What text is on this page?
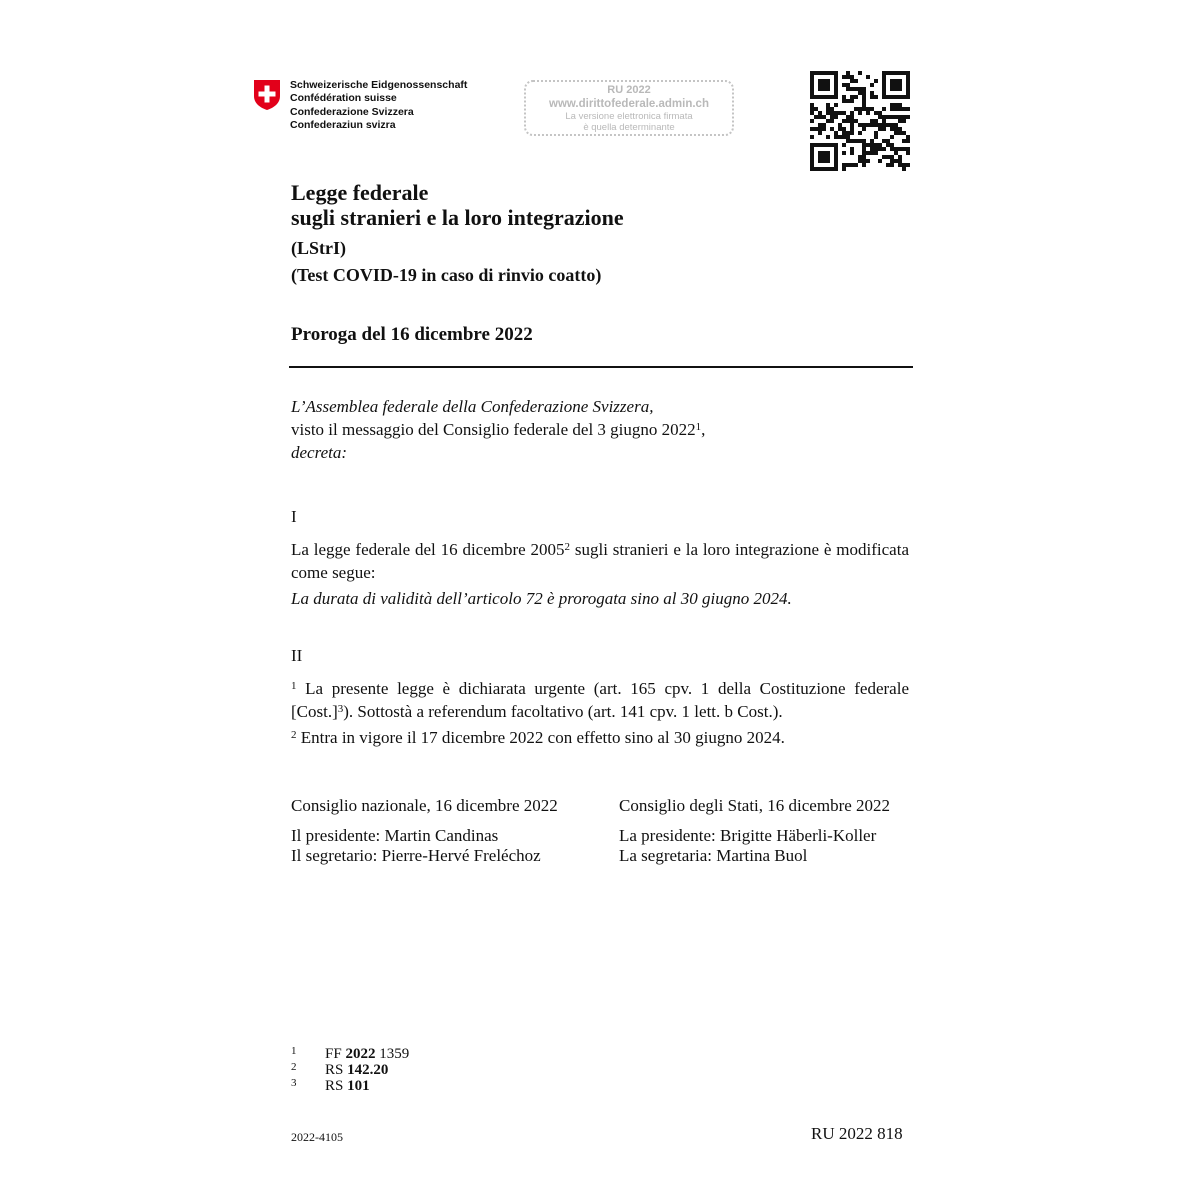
Schweizerische Eidgenossenschaft
Confédération suisse
Confederazione Svizzera
Confederaziun svizra
RU 2022
www.dirittofederale.admin.ch
La versione elettronica firmata
è quella determinante
Legge federale
sugli stranieri e la loro integrazione
(LStrI)
(Test COVID-19 in caso di rinvio coatto)
Proroga del 16 dicembre 2022
L’Assemblea federale della Confederazione Svizzera,
visto il messaggio del Consiglio federale del 3 giugno 2022$^1$,
decreta:
I
La legge federale del 16 dicembre 2005$^2$ sugli stranieri e la loro integrazione è modificata come segue:
La durata di validità dell’articolo 72 è prorogata sino al 30 giugno 2024.
II
$^1$ La presente legge è dichiarata urgente (art. 165 cpv. 1 della Costituzione federale [Cost.]$^3$). Sottostà a referendum facoltativo (art. 141 cpv. 1 lett. b Cost.).
$^2$ Entra in vigore il 17 dicembre 2022 con effetto sino al 30 giugno 2024.
Consiglio nazionale, 16 dicembre 2022
Il presidente: Martin Candinas
Il segretario: Pierre-Hervé Freléchoz
Consiglio degli Stati, 16 dicembre 2022
La presidente: Brigitte Häberli-Koller
La segretaria: Martina Buol
1	FF 2022 1359
2	RS 142.20
3	RS 101
2022-4105	RU 2022 818
